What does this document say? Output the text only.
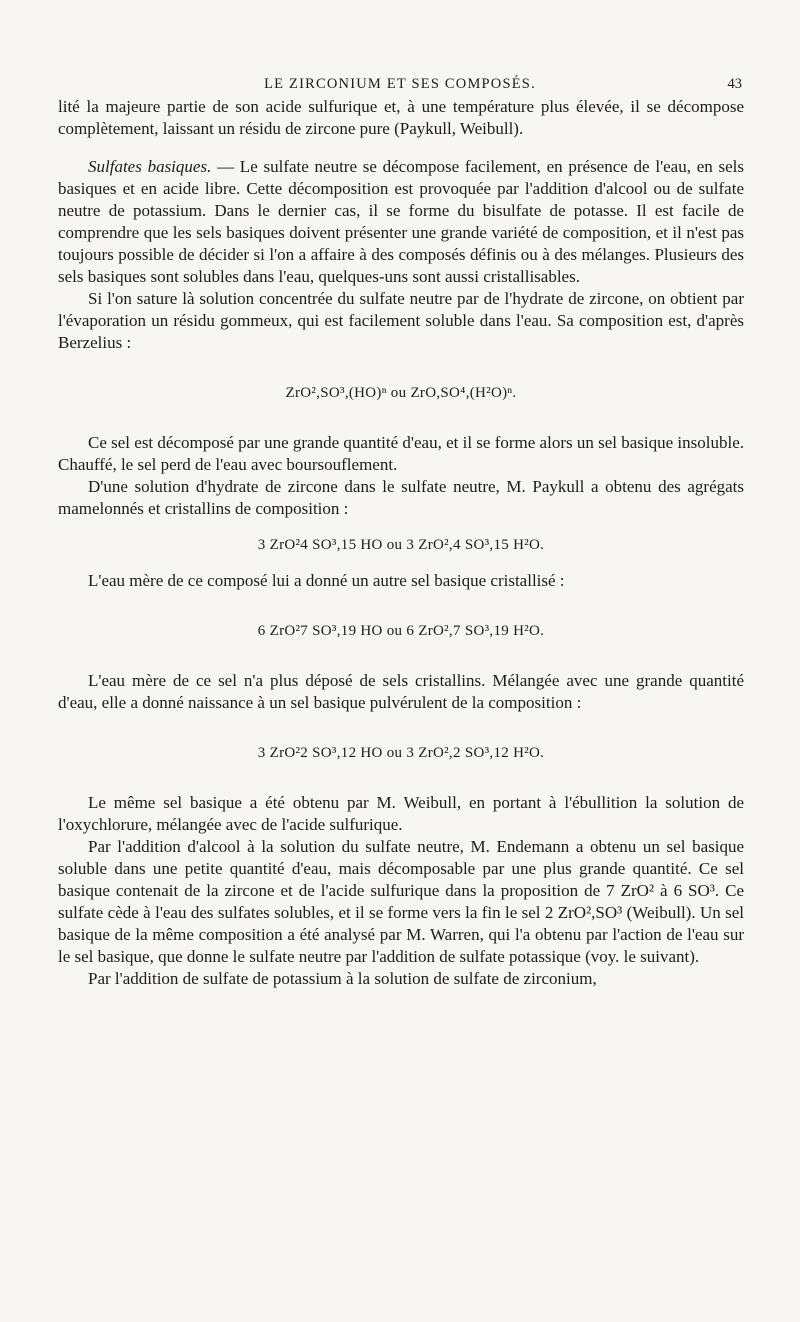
LE ZIRCONIUM ET SES COMPOSÉS.	43

lité la majeure partie de son acide sulfurique et, à une température plus élevée, il se décompose complètement, laissant un résidu de zircone pure (Paykull, Weibull).

Sulfates basiques. — Le sulfate neutre se décompose facilement, en présence de l'eau, en sels basiques et en acide libre. Cette décomposition est provoquée par l'addition d'alcool ou de sulfate neutre de potassium. Dans le dernier cas, il se forme du bisulfate de potasse. Il est facile de comprendre que les sels basiques doivent présenter une grande variété de composition, et il n'est pas toujours possible de décider si l'on a affaire à des composés définis ou à des mélanges. Plusieurs des sels basiques sont solubles dans l'eau, quelques-uns sont aussi cristallisables.

Si l'on sature là solution concentrée du sulfate neutre par de l'hydrate de zircone, on obtient par l'évaporation un résidu gommeux, qui est facilement soluble dans l'eau. Sa composition est, d'après Berzelius :

ZrO²,SO³,(HO)ⁿ ou ZrO,SO⁴,(H²O)ⁿ.

Ce sel est décomposé par une grande quantité d'eau, et il se forme alors un sel basique insoluble. Chauffé, le sel perd de l'eau avec boursouflement.

D'une solution d'hydrate de zircone dans le sulfate neutre, M. Paykull a obtenu des agrégats mamelonnés et cristallins de composition :

3 ZrO²4 SO³,15 HO ou 3 ZrO²,4 SO³,15 H²O.

L'eau mère de ce composé lui a donné un autre sel basique cristallisé :

6 ZrO²7 SO³,19 HO ou 6 ZrO²,7 SO³,19 H²O.

L'eau mère de ce sel n'a plus déposé de sels cristallins. Mélangée avec une grande quantité d'eau, elle a donné naissance à un sel basique pulvérulent de la composition :

3 ZrO²2 SO³,12 HO ou 3 ZrO²,2 SO³,12 H²O.

Le même sel basique a été obtenu par M. Weibull, en portant à l'ébullition la solution de l'oxychlorure, mélangée avec de l'acide sulfurique.

Par l'addition d'alcool à la solution du sulfate neutre, M. Endemann a obtenu un sel basique soluble dans une petite quantité d'eau, mais décomposable par une plus grande quantité. Ce sel basique contenait de la zircone et de l'acide sulfurique dans la proposition de 7 ZrO² à 6 SO³. Ce sulfate cède à l'eau des sulfates solubles, et il se forme vers la fin le sel 2 ZrO²,SO³ (Weibull). Un sel basique de la même composition a été analysé par M. Warren, qui l'a obtenu par l'action de l'eau sur le sel basique, que donne le sulfate neutre par l'addition de sulfate potassique (voy. le suivant).

Par l'addition de sulfate de potassium à la solution de sulfate de zirconium,
